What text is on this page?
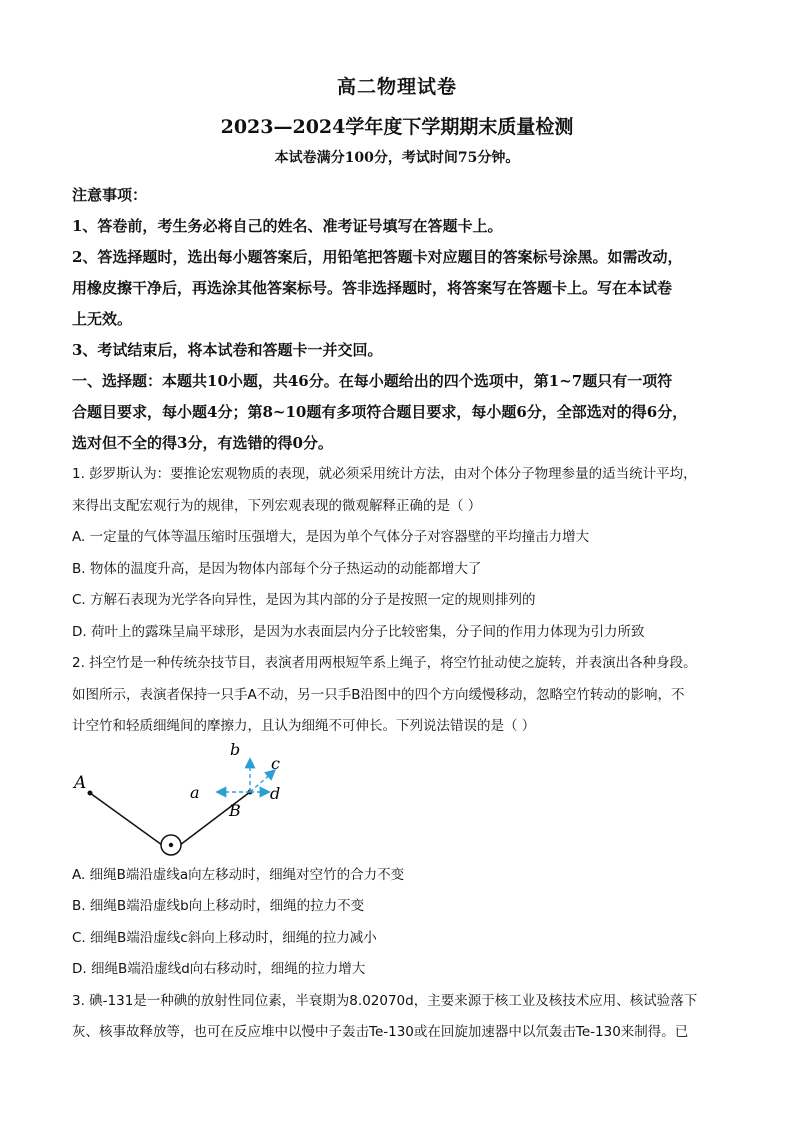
高二物理试卷
2023—2024学年度下学期期末质量检测
本试卷满分100分，考试时间75分钟。
注意事项：
1、答卷前，考生务必将自己的姓名、准考证号填写在答题卡上。
2、答选择题时，选出每小题答案后，用铅笔把答题卡对应题目的答案标号涂黑。如需改动，
用橡皮擦干净后，再选涂其他答案标号。答非选择题时，将答案写在答题卡上。写在本试卷
上无效。
3、考试结束后，将本试卷和答题卡一并交回。
一、选择题：本题共10小题，共46分。在每小题给出的四个选项中，第1~7题只有一项符
合题目要求，每小题4分；第8~10题有多项符合题目要求，每小题6分，全部选对的得6分，
选对但不全的得3分，有选错的得0分。
1. 彭罗斯认为：要推论宏观物质的表现，就必须采用统计方法，由对个体分子物理参量的适当统计平均，
来得出支配宏观行为的规律，下列宏观表现的微观解释正确的是（ ）
A. 一定量的气体等温压缩时压强增大，是因为单个气体分子对容器壁的平均撞击力增大
B. 物体的温度升高，是因为物体内部每个分子热运动的动能都增大了
C. 方解石表现为光学各向异性，是因为其内部的分子是按照一定的规则排列的
D. 荷叶上的露珠呈扁平球形，是因为水表面层内分子比较密集，分子间的作用力体现为引力所致
2. 抖空竹是一种传统杂技节目，表演者用两根短竿系上绳子，将空竹扯动使之旋转，并表演出各种身段。
如图所示，表演者保持一只手A不动，另一只手B沿图中的四个方向缓慢移动，忽略空竹转动的影响，不
计空竹和轻质细绳间的摩擦力，且认为细绳不可伸长。下列说法错误的是（ ）
A
b
c
a	d
B
A. 细绳B端沿虚线a向左移动时，细绳对空竹的合力不变
B. 细绳B端沿虚线b向上移动时，细绳的拉力不变
C. 细绳B端沿虚线c斜向上移动时，细绳的拉力减小
D. 细绳B端沿虚线d向右移动时，细绳的拉力增大
3. 碘-131是一种碘的放射性同位素，半衰期为8.02070d，主要来源于核工业及核技术应用、核试验落下
灰、核事故释放等，也可在反应堆中以慢中子轰击Te-130或在回旋加速器中以氘轰击Te-130来制得。已
